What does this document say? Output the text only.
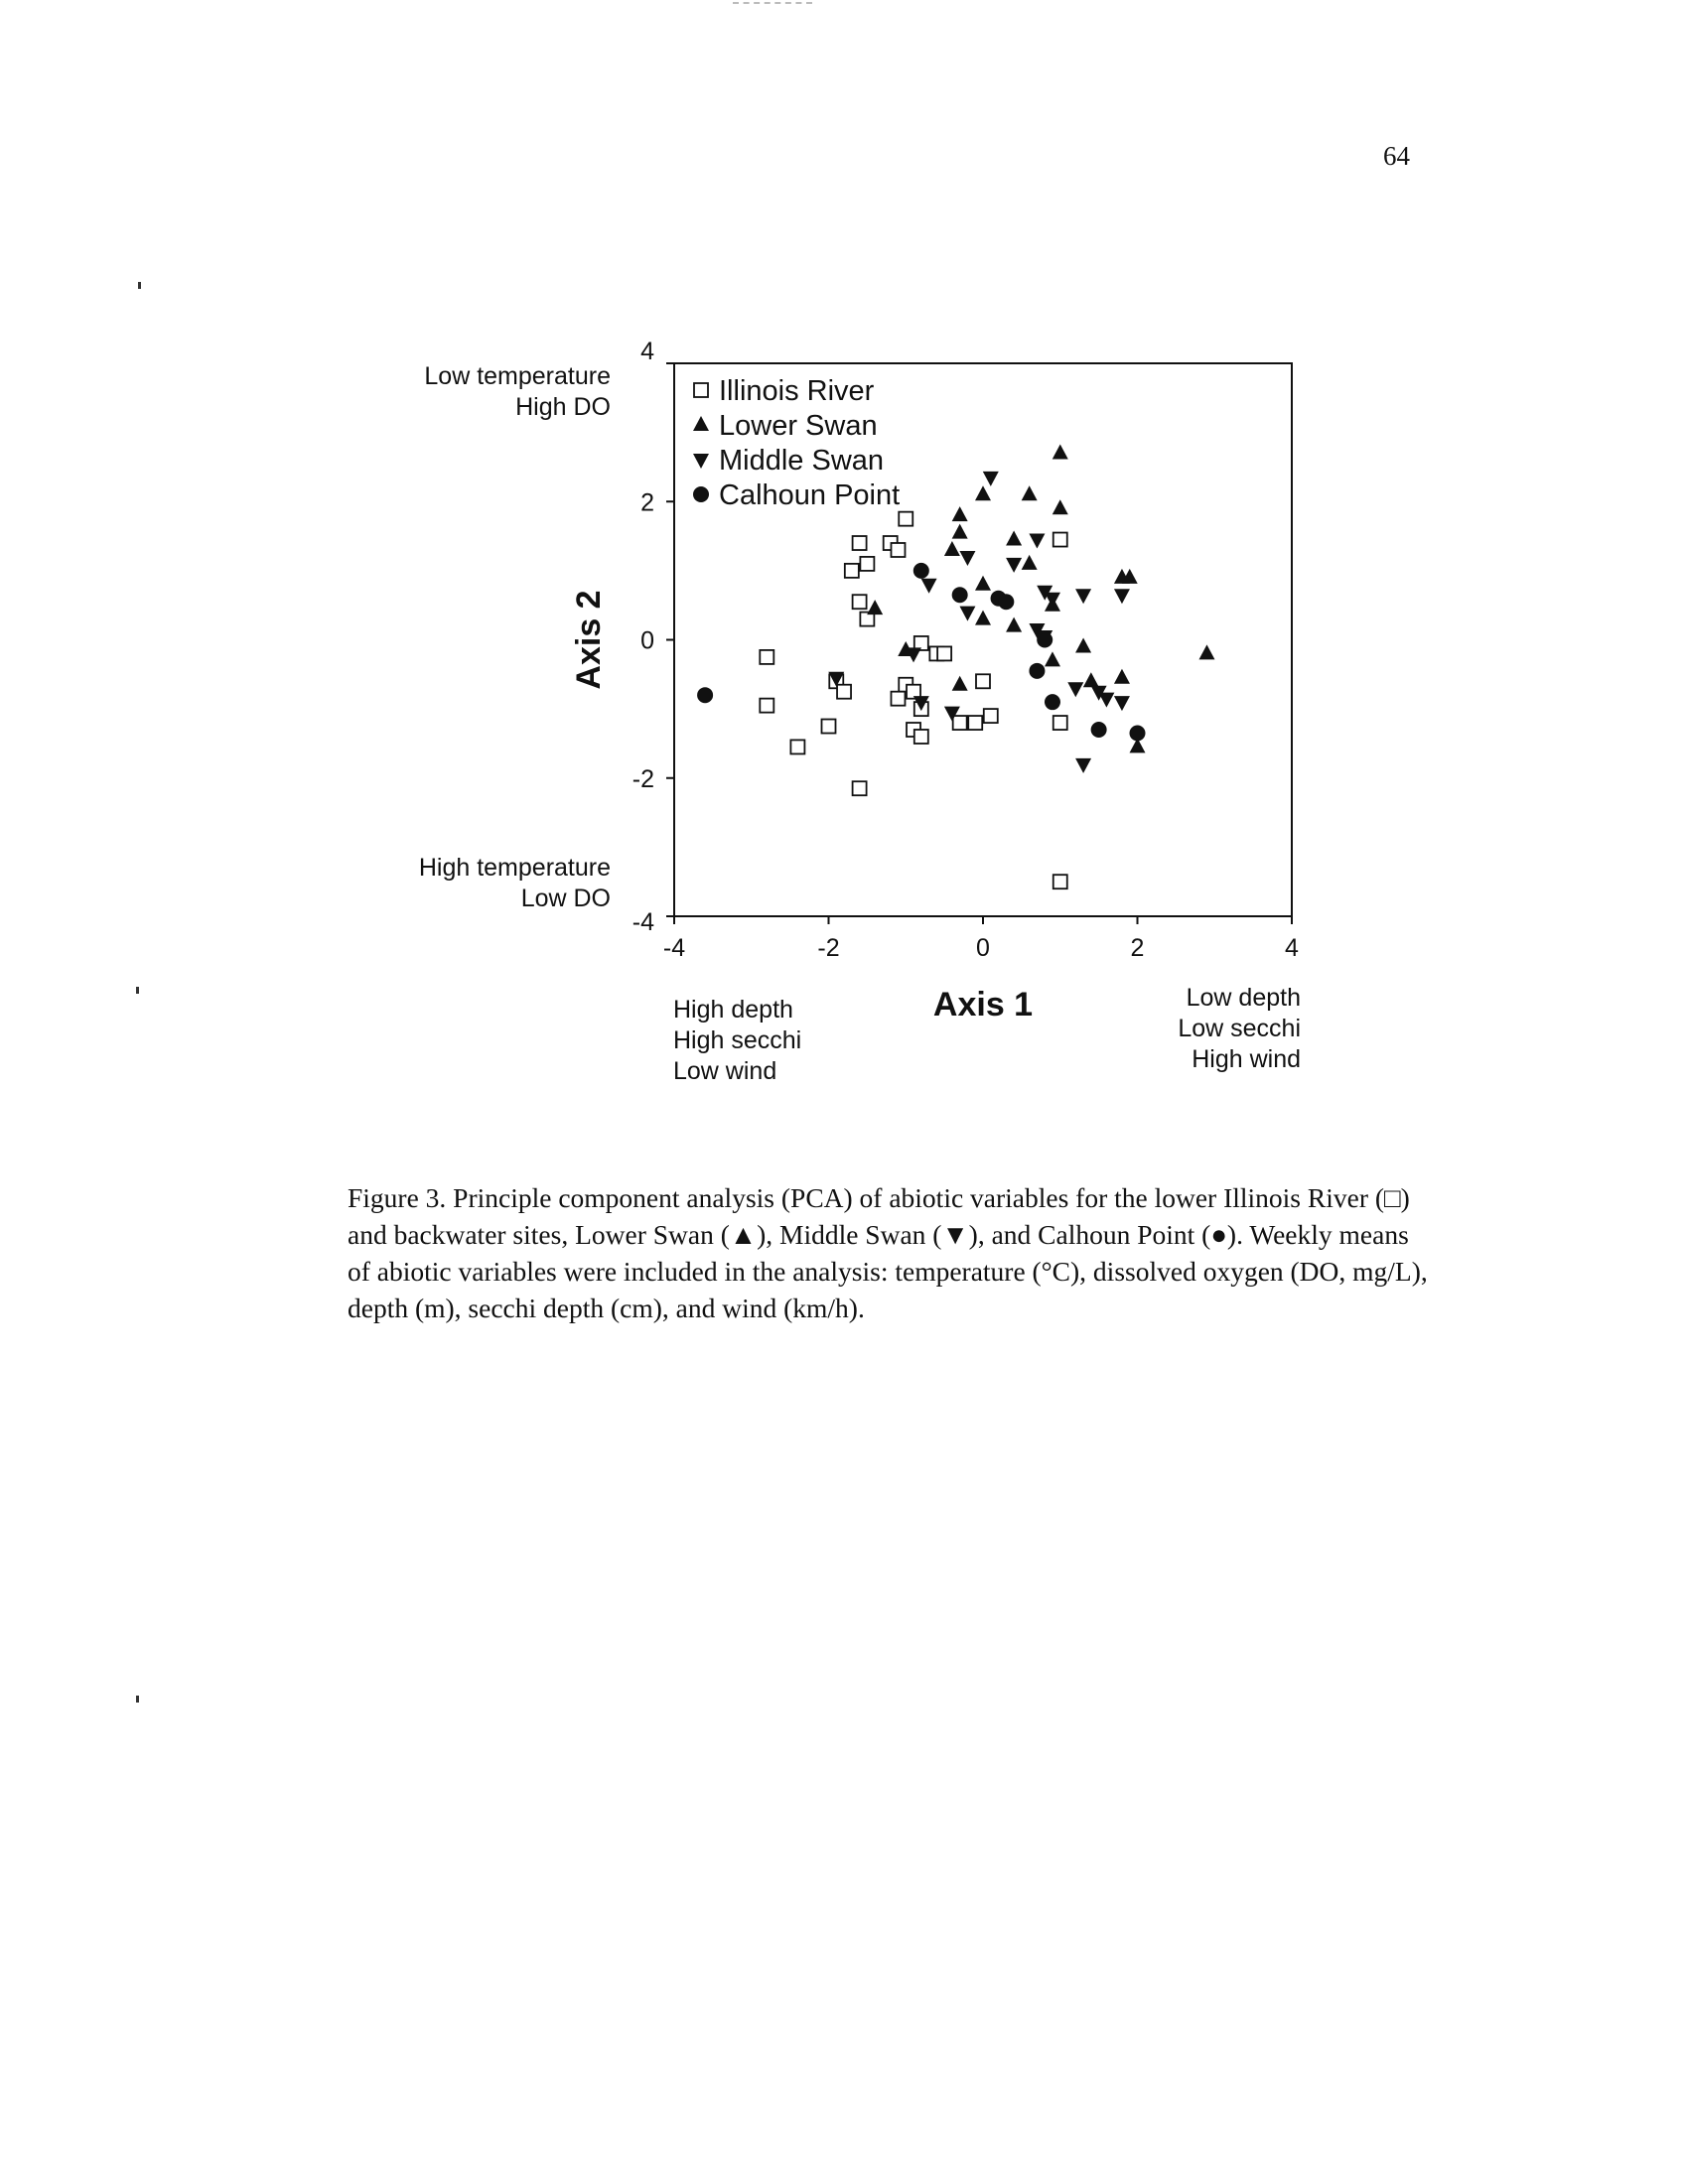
64
Low temperature
High DO
High temperature
Low DO
High depth
High secchi
Low wind
Low depth
Low secchi
High wind
-4	-2	0	2	4
4
2
0
-2
-4
Illinois River
Lower Swan
Middle Swan
Calhoun Point
Axis 1
Axis 2
Figure 3. Principle component analysis (PCA) of abiotic variables for the lower Illinois River (□) and backwater sites, Lower Swan (▲), Middle Swan (▼), and Calhoun Point (●). Weekly means of abiotic variables were included in the analysis: temperature (°C), dissolved oxygen (DO, mg/L), depth (m), secchi depth (cm), and wind (km/h).
